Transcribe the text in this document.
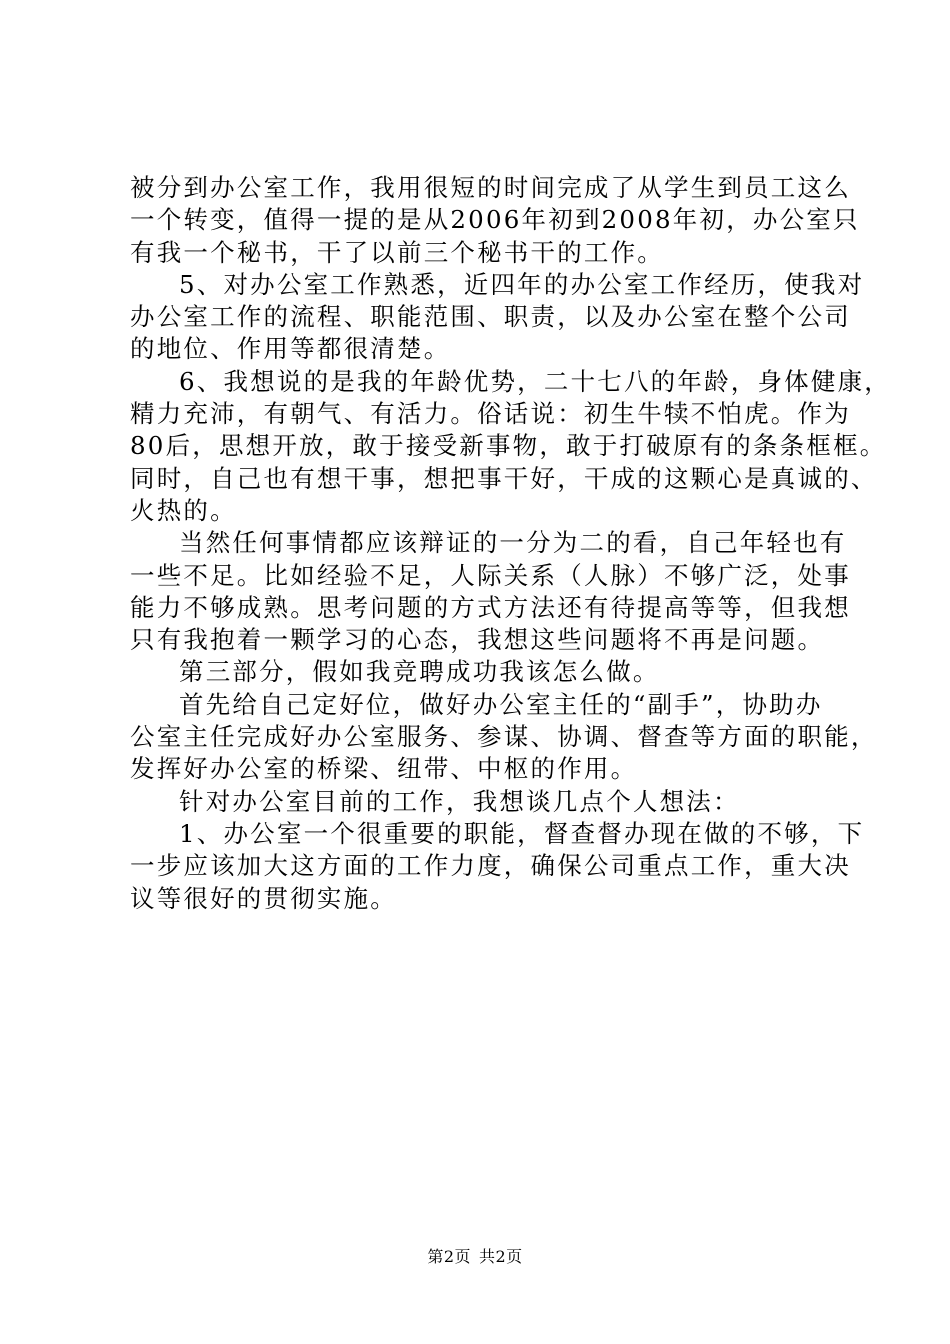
被分到办公室工作，我用很短的时间完成了从学生到员工这么
一个转变，值得一提的是从2006年初到2008年初，办公室只
有我一个秘书，干了以前三个秘书干的工作。
5、对办公室工作熟悉，近四年的办公室工作经历，使我对
办公室工作的流程、职能范围、职责，以及办公室在整个公司
的地位、作用等都很清楚。
6、我想说的是我的年龄优势，二十七八的年龄，身体健康，
精力充沛，有朝气、有活力。俗话说：初生牛犊不怕虎。作为
80后，思想开放，敢于接受新事物，敢于打破原有的条条框框。
同时，自己也有想干事，想把事干好，干成的这颗心是真诚的、
火热的。
当然任何事情都应该辩证的一分为二的看，自己年轻也有
一些不足。比如经验不足，人际关系（人脉）不够广泛，处事
能力不够成熟。思考问题的方式方法还有待提高等等，但我想
只有我抱着一颗学习的心态，我想这些问题将不再是问题。
第三部分，假如我竞聘成功我该怎么做。
首先给自己定好位，做好办公室主任的“副手”，协助办
公室主任完成好办公室服务、参谋、协调、督查等方面的职能，
发挥好办公室的桥梁、纽带、中枢的作用。
针对办公室目前的工作，我想谈几点个人想法：
1、办公室一个很重要的职能，督查督办现在做的不够，下
一步应该加大这方面的工作力度，确保公司重点工作，重大决
议等很好的贯彻实施。
第2页 共2页
